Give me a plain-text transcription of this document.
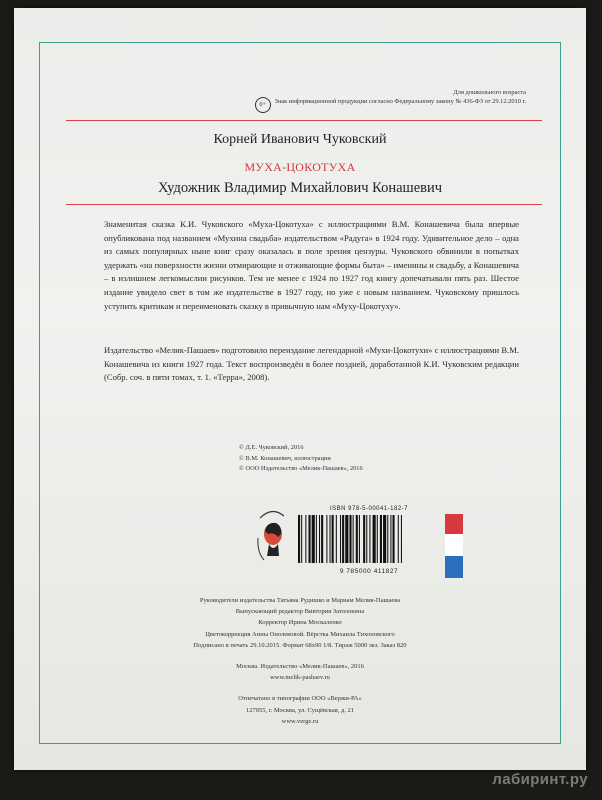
Для дошкольного возраста
0+	Знак информационной продукции согласно Федеральному закону № 436-ФЗ от 29.12.2010 г.
Корней Иванович Чуковский
МУХА-ЦОКОТУХА
Художник Владимир Михайлович Конашевич

Знаменитая сказка К.И. Чуковского «Муха-Цокотуха» с иллюстрациями В.М. Конашевича была впервые опубликована под названием «Мухина свадьба» издательством «Радуга» в 1924 году. Удивительное дело – одна из самых популярных ныне книг сразу оказалась в поле зрения цензуры. Чуковского обвинили в попытках удержать «на поверхности жизни отмирающие и отживающие формы быта» – именины и свадьбу, а Конашевича – в излишнем легкомыслии рисунков. Тем не менее с 1924 по 1927 год книгу допечатывали пять раз. Шестое издание увидело свет в том же издательстве в 1927 году, но уже с новым названием. Чуковскому пришлось уступить критикам и переименовать сказку в привычную нам «Муху-Цокотуху».

Издательство «Мелик-Пашаев» подготовило переиздание легендарной «Мухи-Цокотухи» с иллюстрациями В.М. Конашевича из книги 1927 года. Текст воспроизведён в более поздней, доработанной К.И. Чуковским редакции (Собр. соч. в пяти томах, т. 1. «Терра», 2008).

© Д.Е. Чуковский, 2016
© В.М. Конашевич, иллюстрации
© ООО Издательство «Мелик-Пашаев», 2016
ISBN 978-5-00041-182-7
9 785000 411827
Руководители издательства Татьяна Рудишко и Мариам Мелик-Пашаева
Выпускающий редактор Виктория Затолокина
Корректор Ирина Москаленко
Цветокоррекция Анны Онолевовой. Вёрстка Михаила Тихоновского
Подписано в печать 29.10.2015. Формат 68x90 1/8. Тираж 5000 экз. Заказ 820
Москва. Издательство «Мелик-Пашаев», 2016
www.melik-pashaev.ru
Отпечатано в типографии ООО «Вержи-РА»
127055, г. Москва, ул. Сущёвская, д. 21
www.verge.ru
лабиринт.ру
